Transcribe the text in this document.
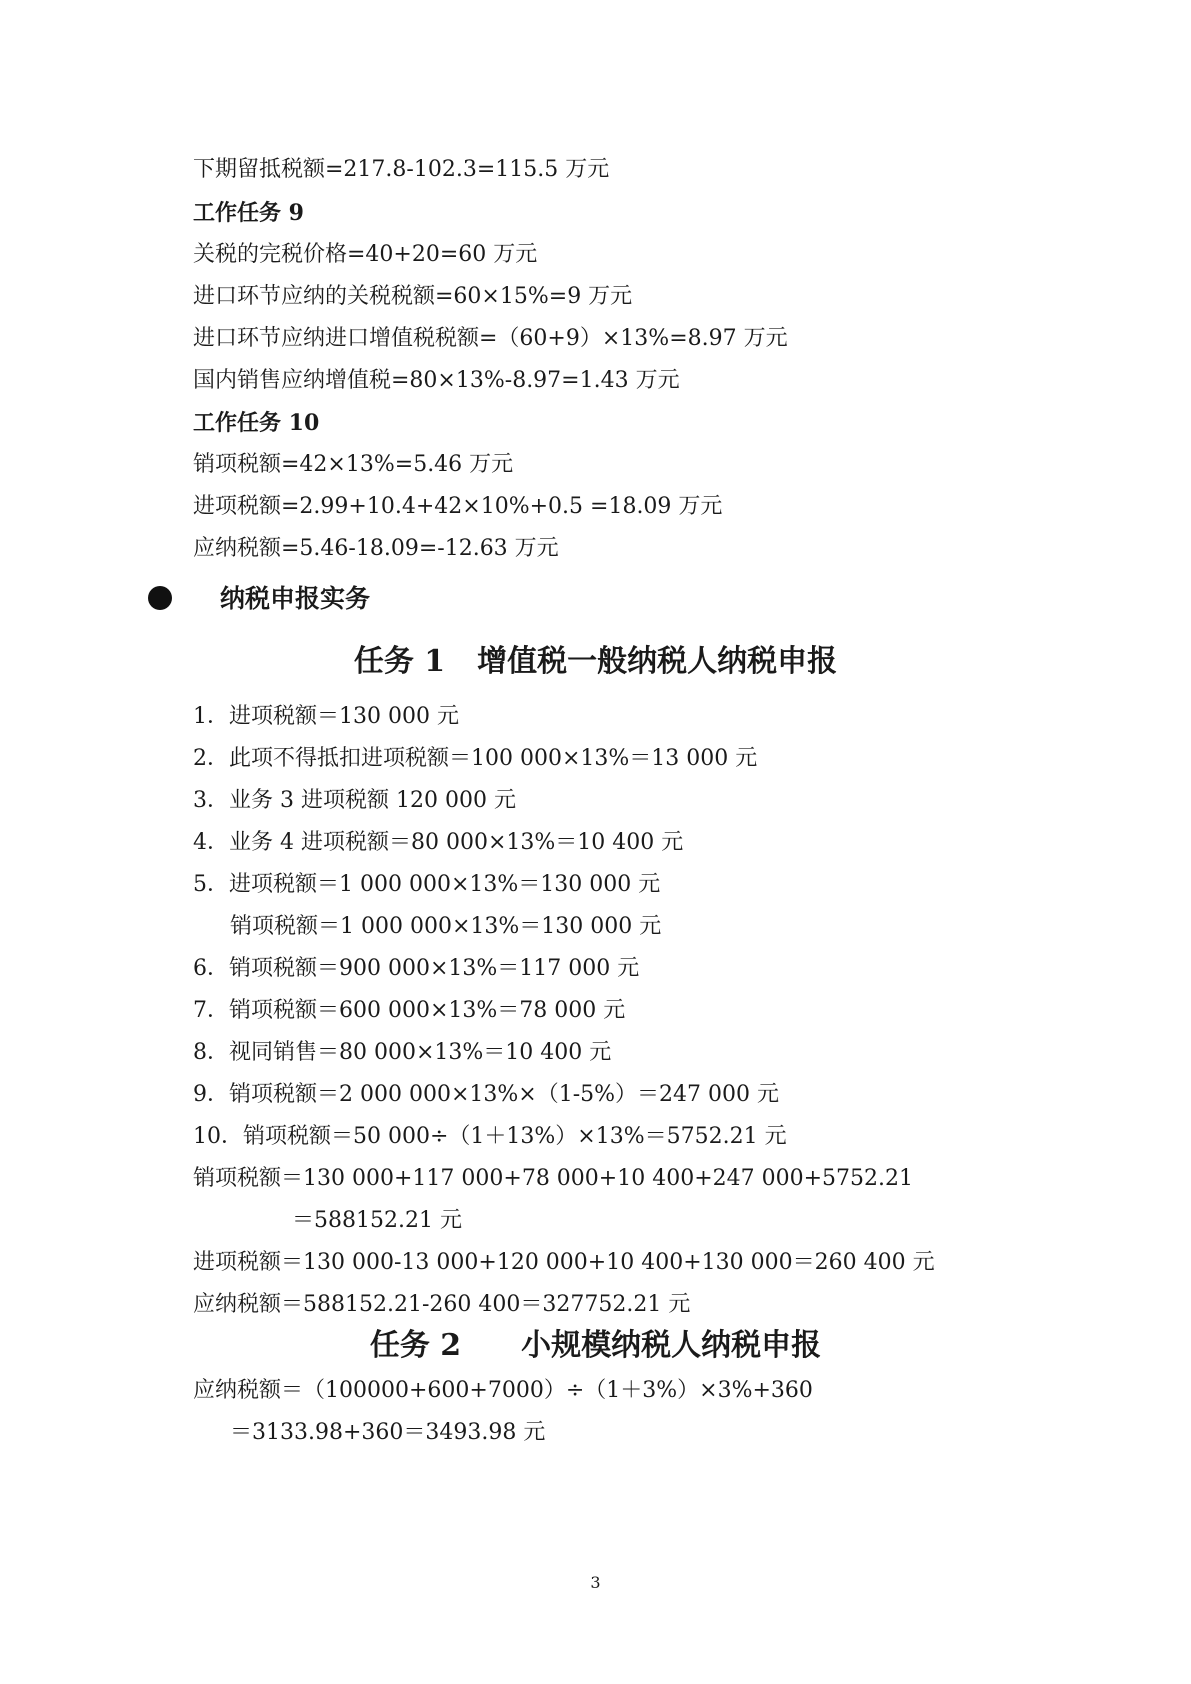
下期留抵税额=217.8-102.3=115.5 万元
工作任务 9
关税的完税价格=40+20=60 万元
进口环节应纳的关税税额=60×15%=9 万元
进口环节应纳进口增值税税额=（60+9）×13%=8.97 万元
国内销售应纳增值税=80×13%-8.97=1.43 万元
工作任务 10
销项税额=42×13%=5.46 万元
进项税额=2.99+10.4+42×10%+0.5 =18.09 万元
应纳税额=5.46-18.09=-12.63 万元
纳税申报实务
任务 1 增值税一般纳税人纳税申报
1．进项税额＝130 000 元
2．此项不得抵扣进项税额＝100 000×13%＝13 000 元
3．业务 3 进项税额 120 000 元
4．业务 4 进项税额＝80 000×13%＝10 400 元
5．进项税额＝1 000 000×13%＝130 000 元
销项税额＝1 000 000×13%＝130 000 元
6．销项税额＝900 000×13%＝117 000 元
7．销项税额＝600 000×13%＝78 000 元
8．视同销售＝80 000×13%＝10 400 元
9．销项税额＝2 000 000×13%×（1-5%）＝247 000 元
10．销项税额＝50 000÷（1＋13%）×13%＝5752.21 元
销项税额＝130 000+117 000+78 000+10 400+247 000+5752.21
＝588152.21 元
进项税额＝130 000-13 000+120 000+10 400+130 000＝260 400 元
应纳税额＝588152.21-260 400＝327752.21 元
任务 2 小规模纳税人纳税申报
应纳税额＝（100000+600+7000）÷（1＋3%）×3%+360
＝3133.98+360＝3493.98 元
3
